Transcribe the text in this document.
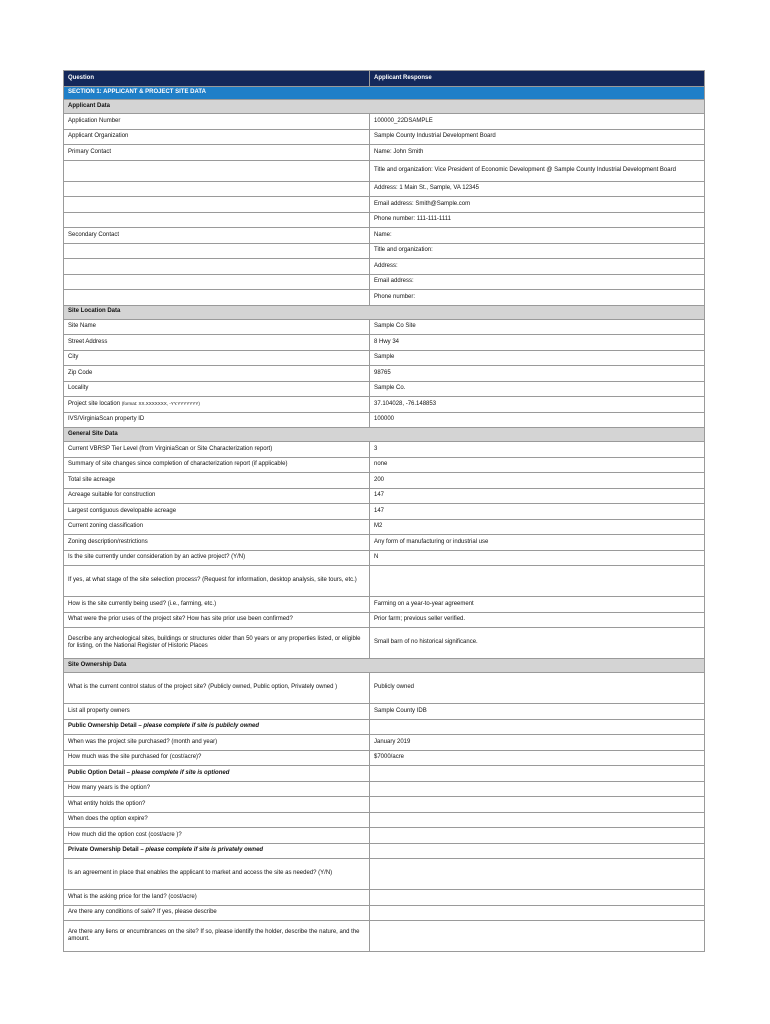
Question	Applicant Response
SECTION 1: APPLICANT & PROJECT SITE DATA	
Applicant Data	
Application Number	100000_22DSAMPLE
Applicant Organization	Sample County Industrial Development Board
Primary Contact	Name: John Smith
	Title and organization: Vice President of Economic Development @ Sample County Industrial Development Board
	Address: 1 Main St., Sample, VA 12345
	Email address: Smith@Sample.com
	Phone number: 111-111-1111
Secondary Contact	Name:
	Title and organization:
	Address:
	Email address:
	Phone number:
Site Location Data	
Site Name	Sample Co Site
Street Address	8 Hwy 34
City	Sample
Zip Code	98765
Locality	Sample Co.
Project site location (format: XX.XXXXXXX, -YY.YYYYYYY)	37.104028, -76.148853
IVS/VirginiaScan property ID	100000
General Site Data	
Current VBRSP Tier Level (from VirginiaScan or Site Characterization report)	3
Summary of site changes since completion of characterization report (if applicable)	none
Total site acreage	200
Acreage suitable for construction	147
Largest contiguous developable acreage	147
Current zoning classification	M2
Zoning description/restrictions	Any form of manufacturing or industrial use
Is the site currently under consideration by an active project? (Y/N)	N
If yes, at what stage of the site selection process? (Request for information, desktop analysis, site tours, etc.)	
How is the site currently being used? (i.e., farming, etc.)	Farming on a year-to-year agreement
What were the prior uses of the project site? How has site prior use been confirmed?	Prior farm; previous seller verified.
Describe any archeological sites, buildings or structures older than 50 years or any properties listed, or eligible for listing, on the National Register of Historic Places	Small barn of no historical significance.
Site Ownership Data	
What is the current control status of the project site? (Publicly owned, Public option, Privately owned )	Publicly owned
List all property owners	Sample County IDB
Public Ownership Detail – please complete if site is publicly owned	
When was the project site purchased? (month and year)	January 2019
How much was the site purchased for (cost/acre)?	$7000/acre
Public Option Detail – please complete if site is optioned	
How many years is the option?	
What entity holds the option?	
When does the option expire?	
How much did the option cost (cost/acre )?	
Private Ownership Detail – please complete if site is privately owned	
Is an agreement in place that enables the applicant to market and access the site as needed? (Y/N)	
What is the asking price for the land? (cost/acre)	
Are there any conditions of sale? If yes, please describe	
Are there any liens or encumbrances on the site? If so, please identify the holder, describe the nature, and the amount.	
